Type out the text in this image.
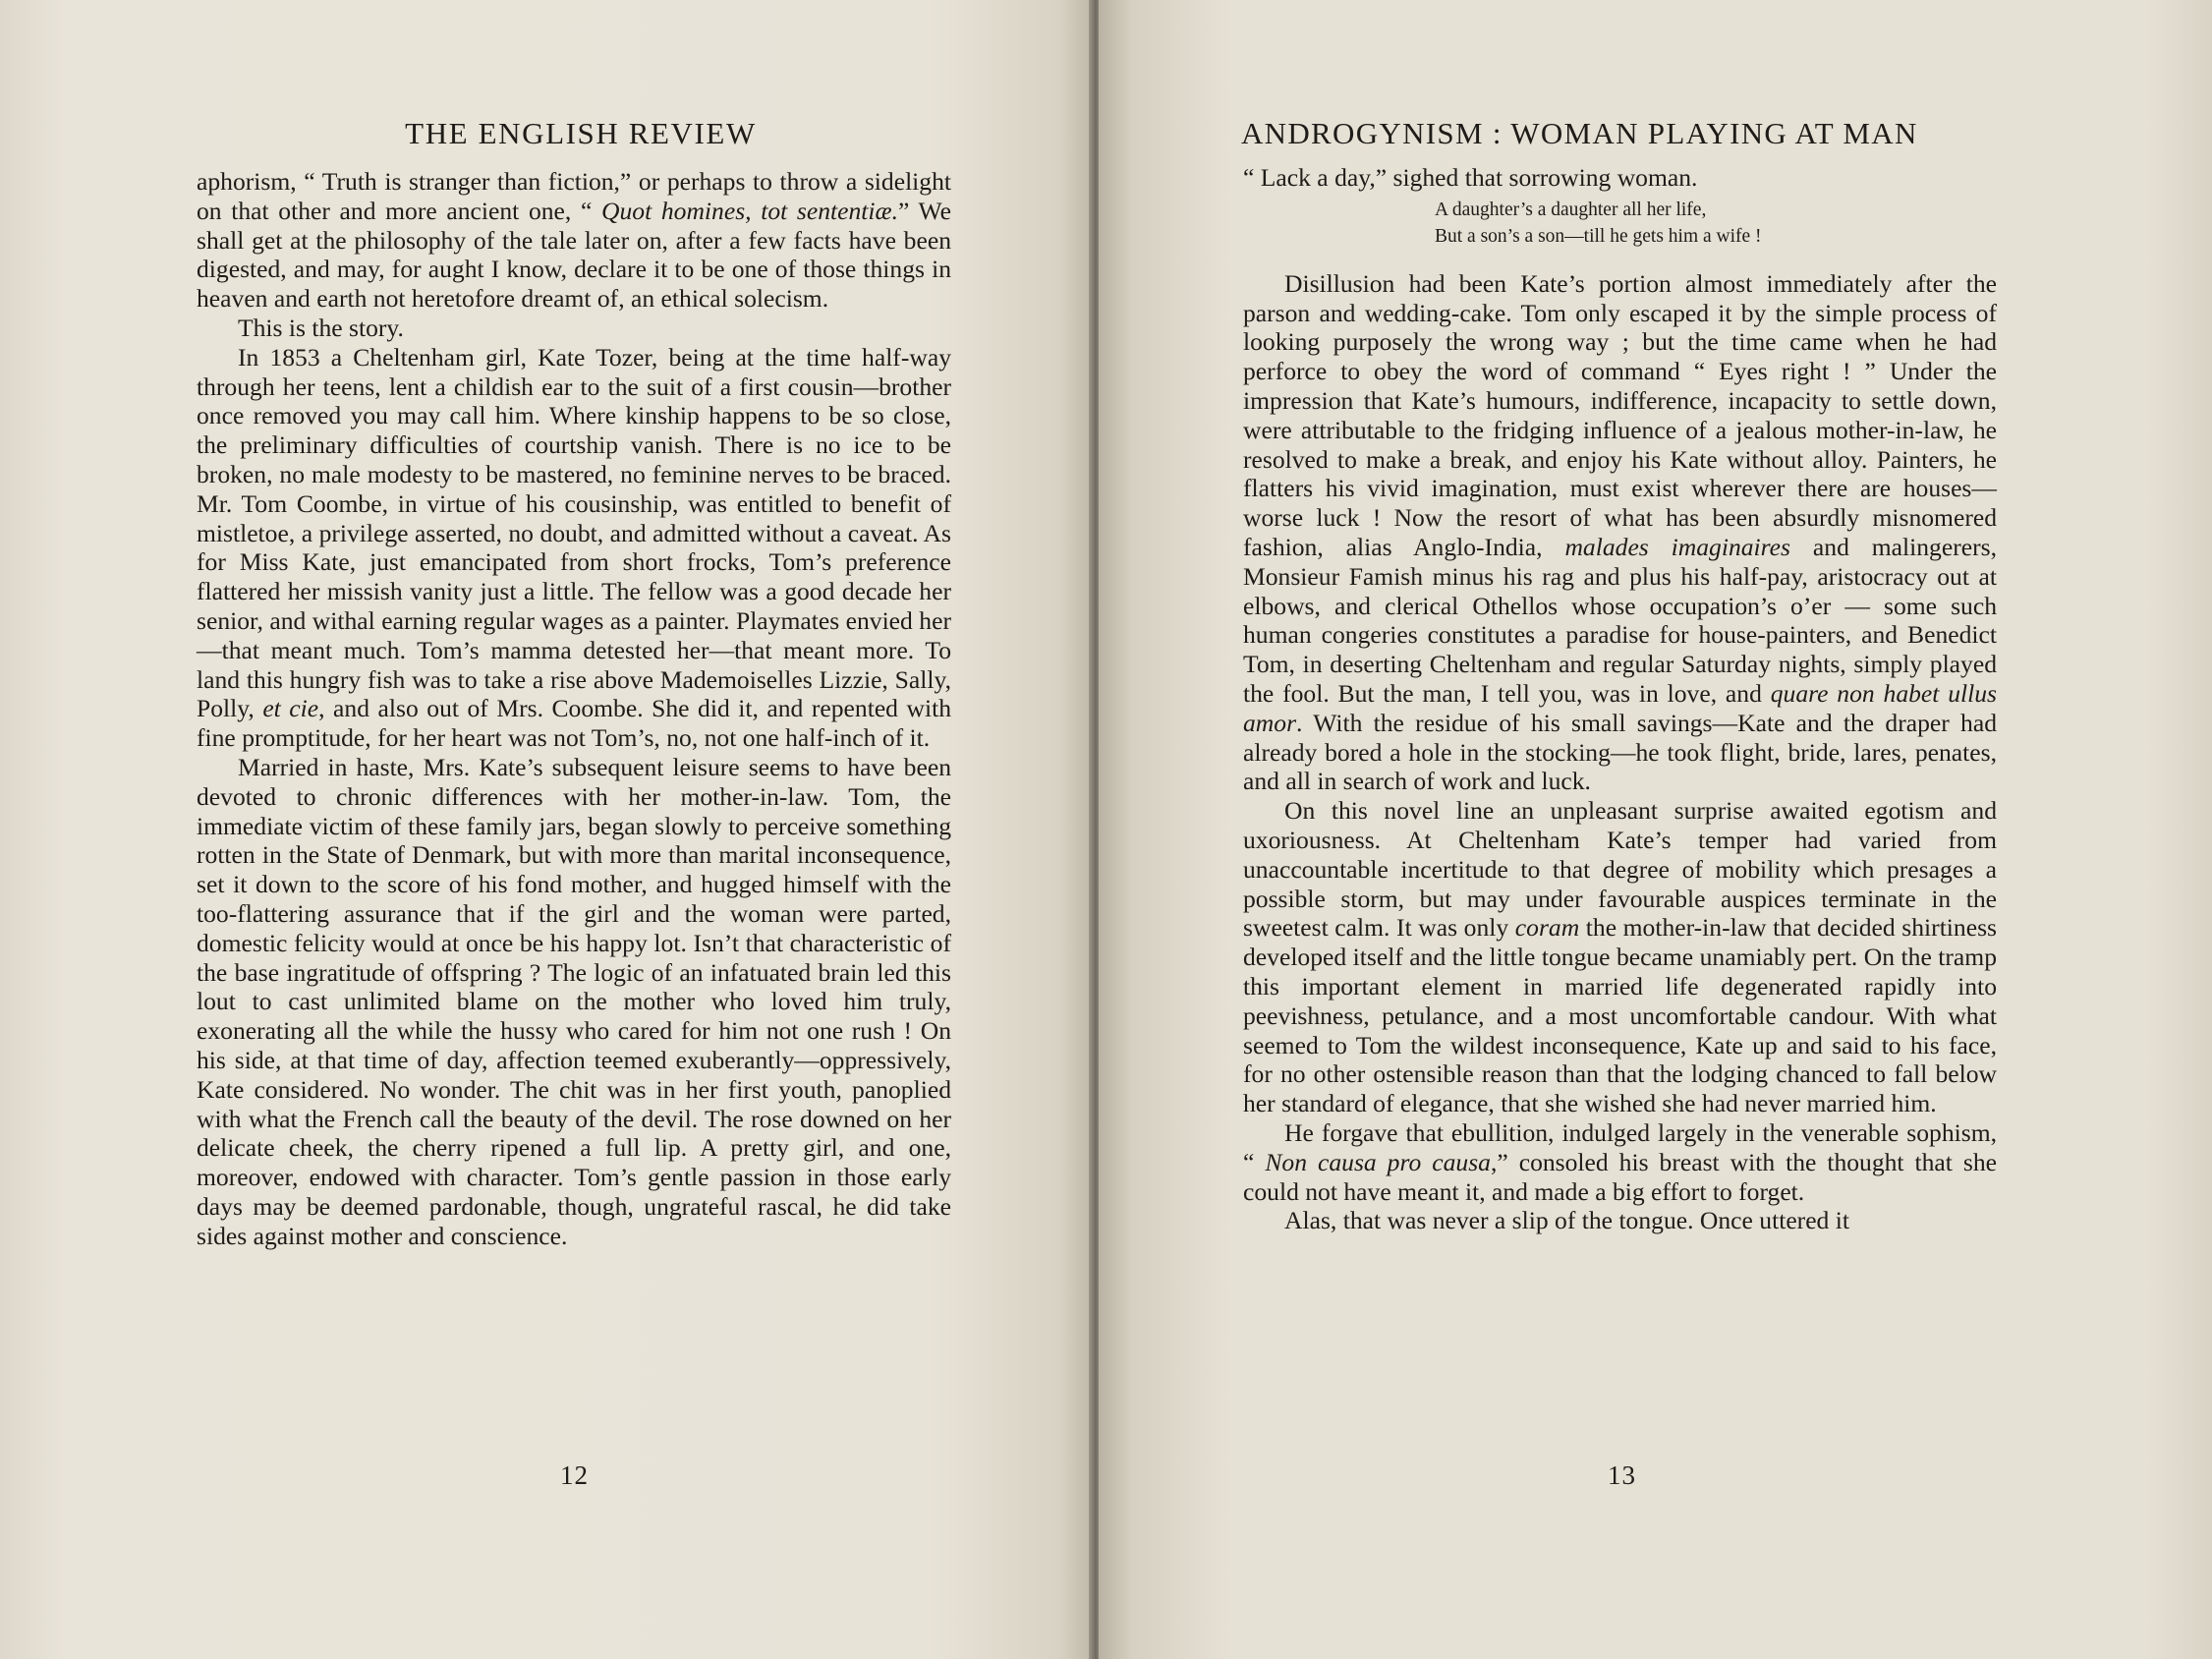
THE ENGLISH REVIEW

aphorism, “ Truth is stranger than fiction,” or perhaps to throw a sidelight on that other and more ancient one, “ Quot homines, tot sententiæ.” We shall get at the philosophy of the tale later on, after a few facts have been digested, and may, for aught I know, declare it to be one of those things in heaven and earth not heretofore dreamt of, an ethical solecism.

This is the story.

In 1853 a Cheltenham girl, Kate Tozer, being at the time half-way through her teens, lent a childish ear to the suit of a first cousin—brother once removed you may call him. Where kinship happens to be so close, the preliminary difficulties of courtship vanish. There is no ice to be broken, no male modesty to be mastered, no feminine nerves to be braced. Mr. Tom Coombe, in virtue of his cousinship, was entitled to benefit of mistletoe, a privilege asserted, no doubt, and admitted without a caveat. As for Miss Kate, just emancipated from short frocks, Tom’s preference flattered her missish vanity just a little. The fellow was a good decade her senior, and withal earning regular wages as a painter. Playmates envied her—that meant much. Tom’s mamma detested her—that meant more. To land this hungry fish was to take a rise above Mademoiselles Lizzie, Sally, Polly, et cie, and also out of Mrs. Coombe. She did it, and repented with fine promptitude, for her heart was not Tom’s, no, not one half-inch of it.

Married in haste, Mrs. Kate’s subsequent leisure seems to have been devoted to chronic differences with her mother-in-law. Tom, the immediate victim of these family jars, began slowly to perceive something rotten in the State of Denmark, but with more than marital inconsequence, set it down to the score of his fond mother, and hugged himself with the too-flattering assurance that if the girl and the woman were parted, domestic felicity would at once be his happy lot. Isn’t that characteristic of the base ingratitude of offspring ? The logic of an infatuated brain led this lout to cast unlimited blame on the mother who loved him truly, exonerating all the while the hussy who cared for him not one rush ! On his side, at that time of day, affection teemed exuberantly—oppressively, Kate considered. No wonder. The chit was in her first youth, panoplied with what the French call the beauty of the devil. The rose downed on her delicate cheek, the cherry ripened a full lip. A pretty girl, and one, moreover, endowed with character. Tom’s gentle passion in those early days may be deemed pardonable, though, ungrateful rascal, he did take sides against mother and conscience.

12
ANDROGYNISM : WOMAN PLAYING AT MAN

“ Lack a day,” sighed that sorrowing woman.

A daughter’s a daughter all her life,
But a son’s a son—till he gets him a wife !

Disillusion had been Kate’s portion almost immediately after the parson and wedding-cake. Tom only escaped it by the simple process of looking purposely the wrong way ; but the time came when he had perforce to obey the word of command “ Eyes right ! ” Under the impression that Kate’s humours, indifference, incapacity to settle down, were attributable to the fridging influence of a jealous mother-in-law, he resolved to make a break, and enjoy his Kate without alloy. Painters, he flatters his vivid imagination, must exist wherever there are houses—worse luck ! Now the resort of what has been absurdly misnomered fashion, alias Anglo-India, malades imaginaires and malingerers, Monsieur Famish minus his rag and plus his half-pay, aristocracy out at elbows, and clerical Othellos whose occupation’s o’er — some such human congeries constitutes a paradise for house-painters, and Benedict Tom, in deserting Cheltenham and regular Saturday nights, simply played the fool. But the man, I tell you, was in love, and quare non habet ullus amor. With the residue of his small savings—Kate and the draper had already bored a hole in the stocking—he took flight, bride, lares, penates, and all in search of work and luck.

On this novel line an unpleasant surprise awaited egotism and uxoriousness. At Cheltenham Kate’s temper had varied from unaccountable incertitude to that degree of mobility which presages a possible storm, but may under favourable auspices terminate in the sweetest calm. It was only coram the mother-in-law that decided shirtiness developed itself and the little tongue became unamiably pert. On the tramp this important element in married life degenerated rapidly into peevishness, petulance, and a most uncomfortable candour. With what seemed to Tom the wildest inconsequence, Kate up and said to his face, for no other ostensible reason than that the lodging chanced to fall below her standard of elegance, that she wished she had never married him.

He forgave that ebullition, indulged largely in the venerable sophism, “ Non causa pro causa,” consoled his breast with the thought that she could not have meant it, and made a big effort to forget.

Alas, that was never a slip of the tongue. Once uttered it

13
